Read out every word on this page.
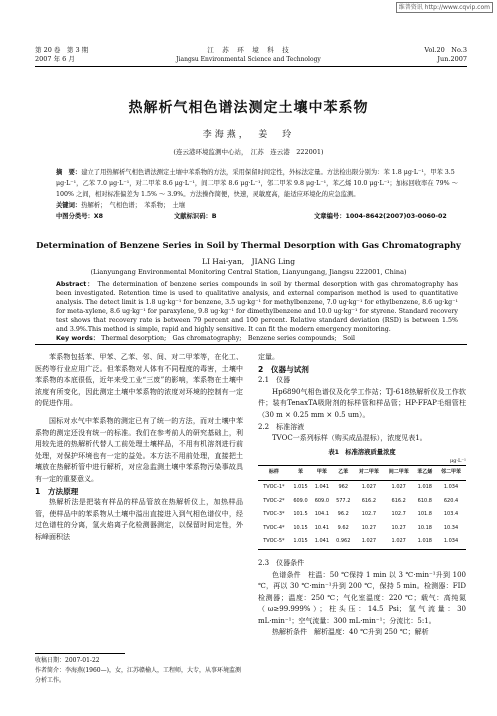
维普资讯 http://www.cqvip.com
第 20 卷　第 3 期
2007 年 6 月
江　苏　环　境　科　技
Jiangsu Environmental Science and Technology
Vol.20　No.3
Jun.2007
热解析气相色谱法测定土壤中苯系物
李海燕，　姜　玲
(连云港环境监测中心站，　江苏　连云港　222001)
摘　要：建立了用热解析气相色谱法测定土壤中苯系物的方法，采用保留时间定性，外标法定量。方法检出限分别为：苯 1.8 μg·L⁻¹，甲苯 3.5 μg·L⁻¹，乙苯 7.0 μg·L⁻¹，对二甲苯 8.6 μg·L⁻¹，间二甲苯 8.6 μg·L⁻¹，邻二甲苯 9.8 μg·L⁻¹，苯乙烯 10.0 μg·L⁻¹；加标回收率在 79% ～ 100% 之间，相对标准偏差为 1.5% ～ 3.9%。方法操作简便，快速，灵敏度高，能适应环境化的应急监测。
关键词：热解析；　气相色谱；　苯系物；　土壤
中图分类号：X8	文献标识码：B	文章编号：1004-8642(2007)03-0060-02
Determination of Benzene Series in Soil by Thermal Desorption with Gas Chromatography
LI Hai-yan,　JIANG Ling
(Lianyungang Environmental Monitoring Central Station, Lianyungang, Jiangsu 222001, China)
Abstract： The determination of benzene series compounds in soil by thermal desorption with gas chromatography has been investigated. Retention time is used to qualitative analysis, and external comparison method is used to quantitative analysis. The detect limit is 1.8 ug·kg⁻¹ for benzene, 3.5 ug·kg⁻¹ for methylbenzene, 7.0 ug·kg⁻¹ for ethylbenzene, 8.6 ug·kg⁻¹ for meta-xylene, 8.6 ug·kg⁻¹ for paraxylene, 9.8 ug·kg⁻¹ for dimethylbenzene and 10.0 ug·kg⁻¹ for styrene. Standard recovery test shows that recovery rate is between 79 percent and 100 percent. Relative standard deviation (RSD) is between 1.5% and 3.9%.This method is simple, rapid and highly sensitive. It can fit the modern emergency monitoring.
Key words： Thermal desorption;　Gas chromatography;　Benzene series compounds;　Soil

苯系物包括苯、甲苯、乙苯、邻、间、对二甲苯等，在化工、医药等行业应用广泛。但苯系物对人体有不同程度的毒害，土壤中苯系物的本底很低，近年来受工业“三废”的影响，苯系物在土壤中浓度有所变化，因此测定土壤中苯系物的浓度对环境的控制有一定的促进作用。

国标对水气中苯系物的测定已有了统一的方法，而对土壤中苯系物的测定还没有统一的标准。我们在参考前人的研究基础上，利用较先进的热解析代替人工前处理土壤样品，不用有机溶剂进行前处理，对保护环境也有一定的益处。本方法不用前处理，直接把土壤放在热解析管中进行解析，对应急监测土壤中苯系物污染事故具有一定的重要意义。

1　方法原理

热解析法是把装有样品的样品管放在热解析仪上，加热样品管，使样品中的苯系物从土壤中溢出直接进入到气相色谱仪中，经过色谱柱的分离，氢火焰离子化检测器测定，以保留时间定性，外标峰面积法

收稿日期：2007-01-22
作者简介：李海燕(1960—)，女，江苏赣榆人，工程师，大专，从事环境监测分析工作。

定量。

2　仪器与试剂

2.1　仪器

Hp6890气相色谱仪及化学工作站；TJ-618热解析仪及工作软件；装有TenaxTA吸附剂的标样管和样品管；HP-FFAP毛细管柱（30 m × 0.25 mm × 0.5 um）。

2.2　标准溶液

TVOC一系列标样（购买成品混标），浓度见表1。

表1　标准溶液质量浓度
μg·L⁻¹
标样	苯	甲苯	乙苯	对二甲苯	间二甲苯	苯乙烯	邻二甲苯
TVOC-1*	1.015	1.041	962	1.027	1.027	1.018	1.034
TVOC-2*	609.0	609.0	577.2	616.2	616.2	610.8	620.4
TVOC-3*	101.5	104.1	96.2	102.7	102.7	101.8	103.4
TVOC-4*	10.15	10.41	9.62	10.27	10.27	10.18	10.34
TVOC-5*	1.015	1.041	0.962	1.027	1.027	1.018	1.034

2.3　仪器条件

色谱条件　柱温：50 ℃保持 1 min 以 3 ℃·min⁻¹升到 100 ℃，再以 30 ℃·min⁻¹升到 200 ℃，保持 5 min。检测器：FID 检测器；温度：250 ℃；气化室温度：220 ℃；载气：高纯氮（ω≥99.999%）；柱头压：14.5 Psi；氢气流量：30 mL·min⁻¹；空气流量：300 mL·min⁻¹；分流比：5:1。

热解析条件　解析温度：40 ℃升到 250 ℃；解析
